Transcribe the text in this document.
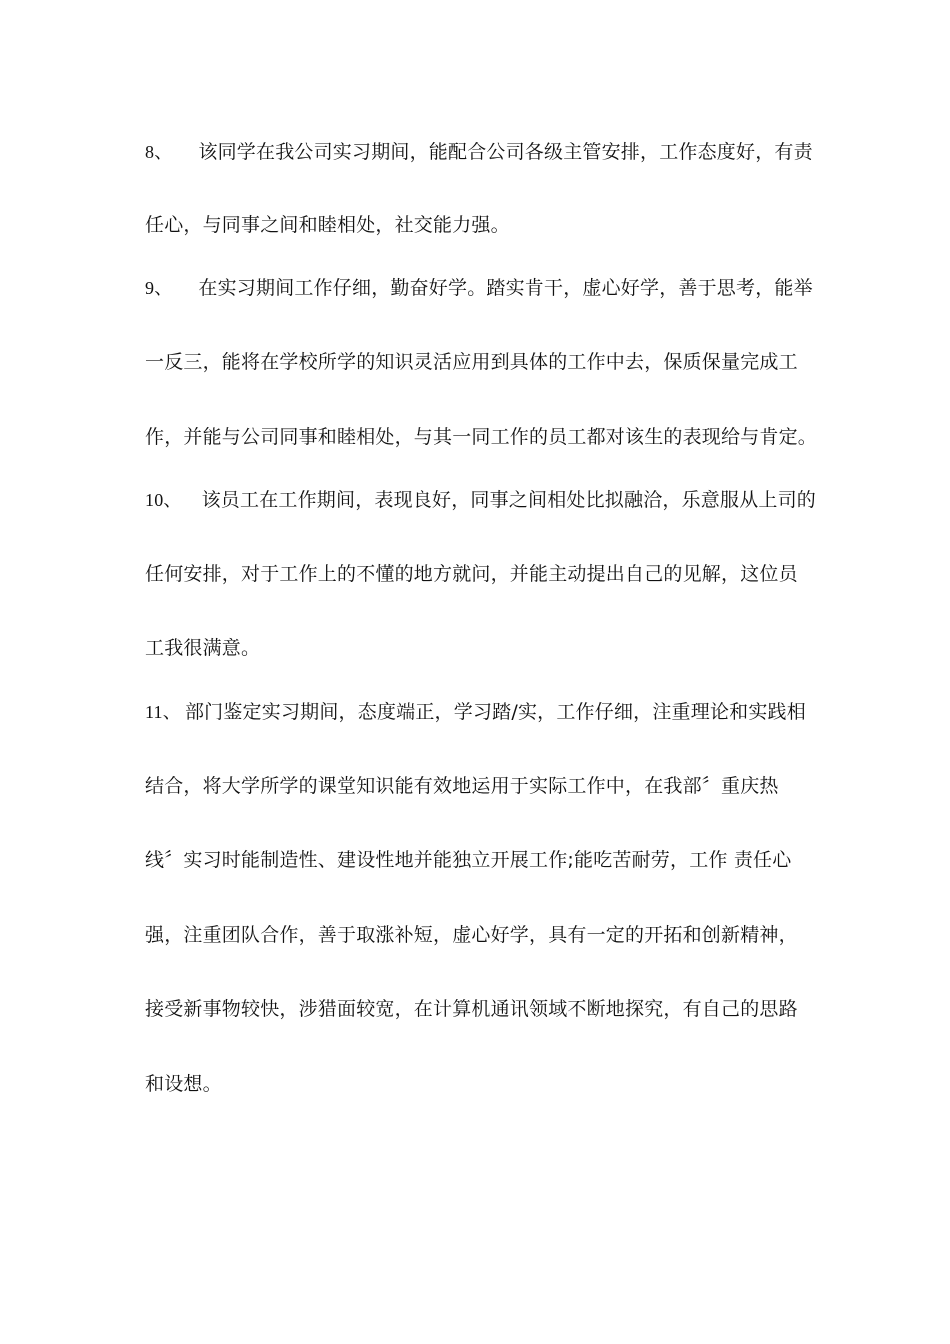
8、 该同学在我公司实习期间，能配合公司各级主管安排，工作态度好，有责
任心，与同事之间和睦相处，社交能力强。
9、 在实习期间工作仔细，勤奋好学。踏实肯干，虚心好学，善于思考，能举
一反三，能将在学校所学的知识灵活应用到具体的工作中去，保质保量完成工
作，并能与公司同事和睦相处，与其一同工作的员工都对该生的表现给与肯定。
10、 该员工在工作期间，表现良好，同事之间相处比拟融洽，乐意服从上司的
任何安排，对于工作上的不懂的地方就问，并能主动提出自己的见解，这位员
工我很满意。
11、 部门鉴定实习期间，态度端正，学习踏/实，工作仔细，注重理论和实践相
结合，将大学所学的课堂知识能有效地运用于实际工作中，在我部〞重庆热
线〞实习时能制造性、建设性地并能独立开展工作;能吃苦耐劳，工作 责任心
强，注重团队合作，善于取涨补短，虚心好学，具有一定的开拓和创新精神，
接受新事物较快，涉猎面较宽，在计算机通讯领域不断地探究，有自己的思路
和设想。
